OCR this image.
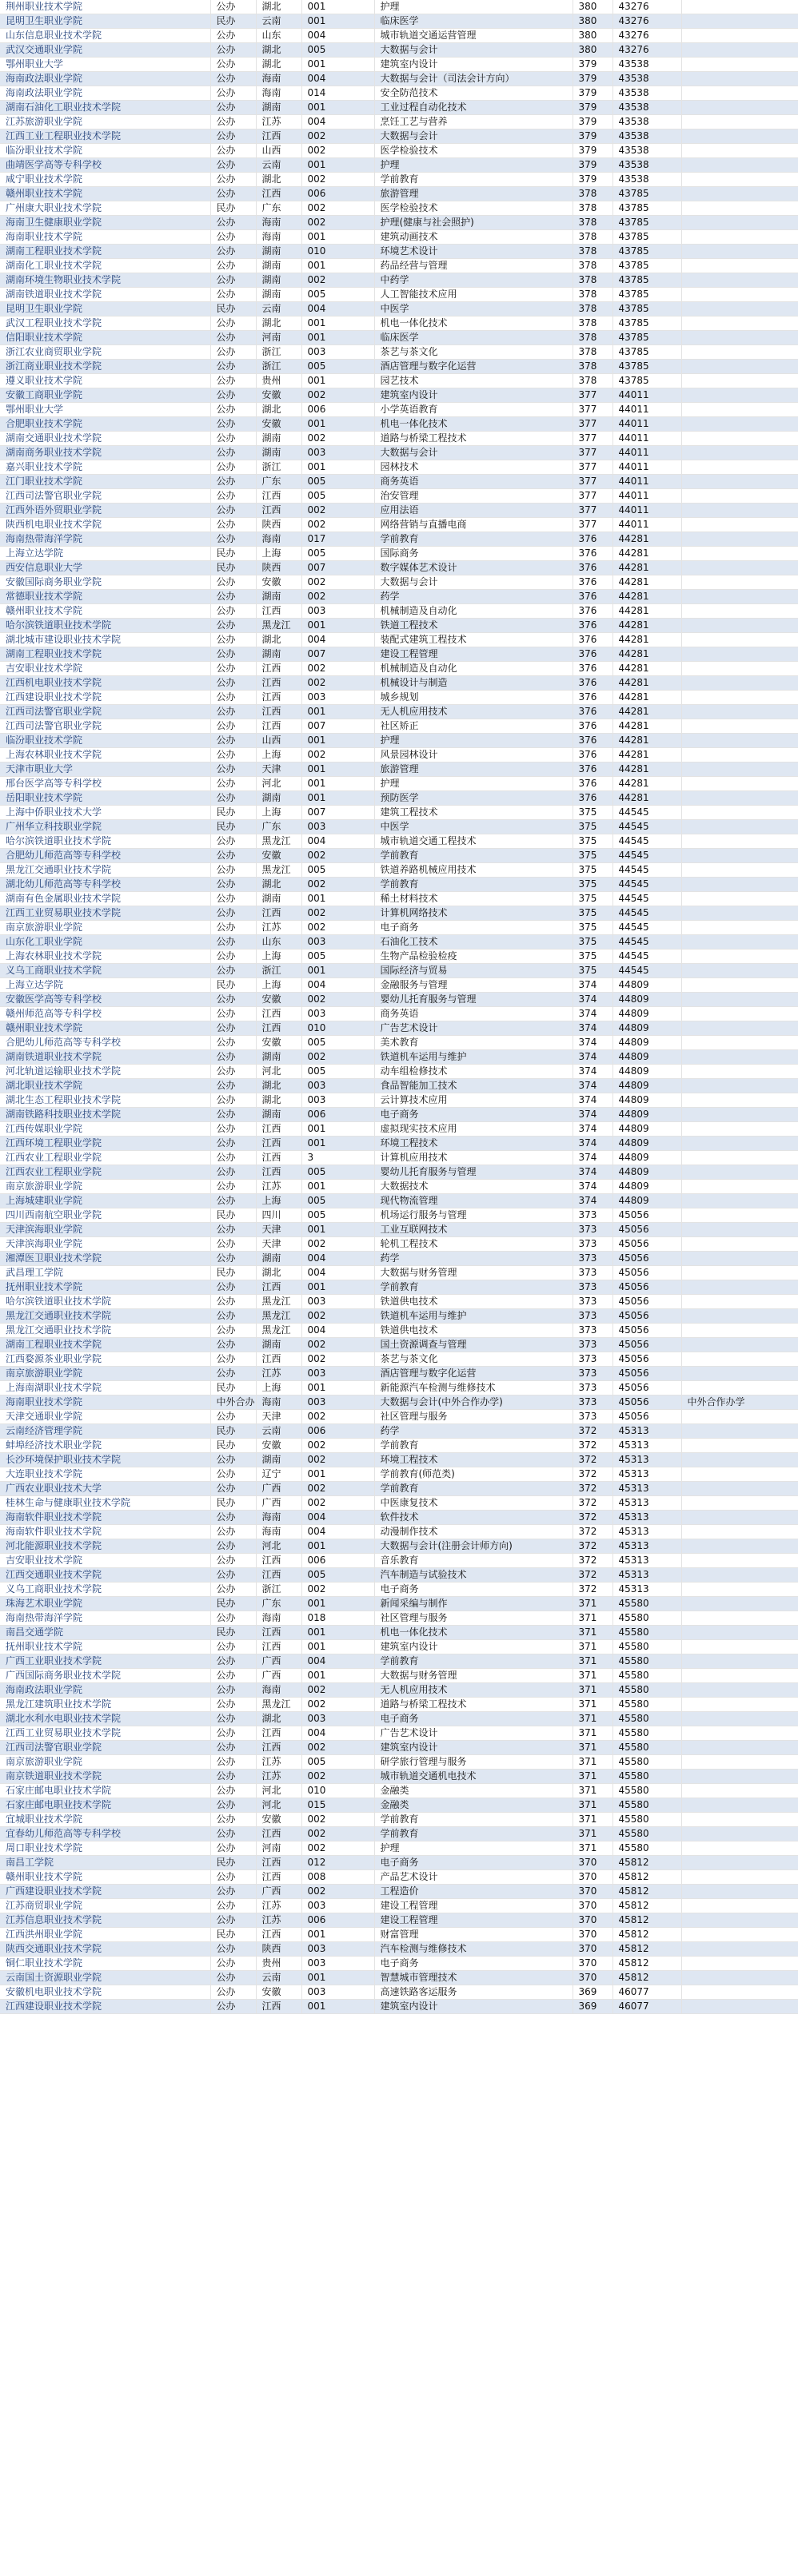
荆州职业技术学院	公办	湖北	001	护理	380	43276	
昆明卫生职业学院	民办	云南	001	临床医学	380	43276	
山东信息职业技术学院	公办	山东	004	城市轨道交通运营管理	380	43276	
武汉交通职业学院	公办	湖北	005	大数据与会计	380	43276	
鄂州职业大学	公办	湖北	001	建筑室内设计	379	43538	
海南政法职业学院	公办	海南	004	大数据与会计（司法会计方向）	379	43538	
海南政法职业学院	公办	海南	014	安全防范技术	379	43538	
湖南石油化工职业技术学院	公办	湖南	001	工业过程自动化技术	379	43538	
江苏旅游职业学院	公办	江苏	004	烹饪工艺与营养	379	43538	
江西工业工程职业技术学院	公办	江西	002	大数据与会计	379	43538	
临汾职业技术学院	公办	山西	002	医学检验技术	379	43538	
曲靖医学高等专科学校	公办	云南	001	护理	379	43538	
咸宁职业技术学院	公办	湖北	002	学前教育	379	43538	
赣州职业技术学院	公办	江西	006	旅游管理	378	43785	
广州康大职业技术学院	民办	广东	002	医学检验技术	378	43785	
海南卫生健康职业学院	公办	海南	002	护理(健康与社会照护)	378	43785	
海南职业技术学院	公办	海南	001	建筑动画技术	378	43785	
湖南工程职业技术学院	公办	湖南	010	环境艺术设计	378	43785	
湖南化工职业技术学院	公办	湖南	001	药品经营与管理	378	43785	
湖南环境生物职业技术学院	公办	湖南	002	中药学	378	43785	
湖南铁道职业技术学院	公办	湖南	005	人工智能技术应用	378	43785	
昆明卫生职业学院	民办	云南	004	中医学	378	43785	
武汉工程职业技术学院	公办	湖北	001	机电一体化技术	378	43785	
信阳职业技术学院	公办	河南	001	临床医学	378	43785	
浙江农业商贸职业学院	公办	浙江	003	茶艺与茶文化	378	43785	
浙江商业职业技术学院	公办	浙江	005	酒店管理与数字化运营	378	43785	
遵义职业技术学院	公办	贵州	001	园艺技术	378	43785	
安徽工商职业学院	公办	安徽	002	建筑室内设计	377	44011	
鄂州职业大学	公办	湖北	006	小学英语教育	377	44011	
合肥职业技术学院	公办	安徽	001	机电一体化技术	377	44011	
湖南交通职业技术学院	公办	湖南	002	道路与桥梁工程技术	377	44011	
湖南商务职业技术学院	公办	湖南	003	大数据与会计	377	44011	
嘉兴职业技术学院	公办	浙江	001	园林技术	377	44011	
江门职业技术学院	公办	广东	005	商务英语	377	44011	
江西司法警官职业学院	公办	江西	005	治安管理	377	44011	
江西外语外贸职业学院	公办	江西	002	应用法语	377	44011	
陕西机电职业技术学院	公办	陕西	002	网络营销与直播电商	377	44011	
海南热带海洋学院	公办	海南	017	学前教育	376	44281	
上海立达学院	民办	上海	005	国际商务	376	44281	
西安信息职业大学	民办	陕西	007	数字媒体艺术设计	376	44281	
安徽国际商务职业学院	公办	安徽	002	大数据与会计	376	44281	
常德职业技术学院	公办	湖南	002	药学	376	44281	
赣州职业技术学院	公办	江西	003	机械制造及自动化	376	44281	
哈尔滨铁道职业技术学院	公办	黑龙江	001	铁道工程技术	376	44281	
湖北城市建设职业技术学院	公办	湖北	004	装配式建筑工程技术	376	44281	
湖南工程职业技术学院	公办	湖南	007	建设工程管理	376	44281	
吉安职业技术学院	公办	江西	002	机械制造及自动化	376	44281	
江西机电职业技术学院	公办	江西	002	机械设计与制造	376	44281	
江西建设职业技术学院	公办	江西	003	城乡规划	376	44281	
江西司法警官职业学院	公办	江西	001	无人机应用技术	376	44281	
江西司法警官职业学院	公办	江西	007	社区矫正	376	44281	
临汾职业技术学院	公办	山西	001	护理	376	44281	
上海农林职业技术学院	公办	上海	002	风景园林设计	376	44281	
天津市职业大学	公办	天津	001	旅游管理	376	44281	
邢台医学高等专科学校	公办	河北	001	护理	376	44281	
岳阳职业技术学院	公办	湖南	001	预防医学	376	44281	
上海中侨职业技术大学	民办	上海	007	建筑工程技术	375	44545	
广州华立科技职业学院	民办	广东	003	中医学	375	44545	
哈尔滨铁道职业技术学院	公办	黑龙江	004	城市轨道交通工程技术	375	44545	
合肥幼儿师范高等专科学校	公办	安徽	002	学前教育	375	44545	
黑龙江交通职业技术学院	公办	黑龙江	005	铁道养路机械应用技术	375	44545	
湖北幼儿师范高等专科学校	公办	湖北	002	学前教育	375	44545	
湖南有色金属职业技术学院	公办	湖南	001	稀土材料技术	375	44545	
江西工业贸易职业技术学院	公办	江西	002	计算机网络技术	375	44545	
南京旅游职业学院	公办	江苏	002	电子商务	375	44545	
山东化工职业学院	公办	山东	003	石油化工技术	375	44545	
上海农林职业技术学院	公办	上海	005	生物产品检验检疫	375	44545	
义乌工商职业技术学院	公办	浙江	001	国际经济与贸易	375	44545	
上海立达学院	民办	上海	004	金融服务与管理	374	44809	
安徽医学高等专科学校	公办	安徽	002	婴幼儿托育服务与管理	374	44809	
赣州师范高等专科学校	公办	江西	003	商务英语	374	44809	
赣州职业技术学院	公办	江西	010	广告艺术设计	374	44809	
合肥幼儿师范高等专科学校	公办	安徽	005	美术教育	374	44809	
湖南铁道职业技术学院	公办	湖南	002	铁道机车运用与维护	374	44809	
河北轨道运输职业技术学院	公办	河北	005	动车组检修技术	374	44809	
湖北职业技术学院	公办	湖北	003	食品智能加工技术	374	44809	
湖北生态工程职业技术学院	公办	湖北	003	云计算技术应用	374	44809	
湖南铁路科技职业技术学院	公办	湖南	006	电子商务	374	44809	
江西传媒职业学院	公办	江西	001	虚拟现实技术应用	374	44809	
江西环境工程职业学院	公办	江西	001	环境工程技术	374	44809	
江西农业工程职业学院	公办	江西	3	计算机应用技术	374	44809	
江西农业工程职业学院	公办	江西	005	婴幼儿托育服务与管理	374	44809	
南京旅游职业学院	公办	江苏	001	大数据技术	374	44809	
上海城建职业学院	公办	上海	005	现代物流管理	374	44809	
四川西南航空职业学院	民办	四川	005	机场运行服务与管理	373	45056	
天津滨海职业学院	公办	天津	001	工业互联网技术	373	45056	
天津滨海职业学院	公办	天津	002	轮机工程技术	373	45056	
湘潭医卫职业技术学院	公办	湖南	004	药学	373	45056	
武昌理工学院	民办	湖北	004	大数据与财务管理	373	45056	
抚州职业技术学院	公办	江西	001	学前教育	373	45056	
哈尔滨铁道职业技术学院	公办	黑龙江	003	铁道供电技术	373	45056	
黑龙江交通职业技术学院	公办	黑龙江	002	铁道机车运用与维护	373	45056	
黑龙江交通职业技术学院	公办	黑龙江	004	铁道供电技术	373	45056	
湖南工程职业技术学院	公办	湖南	002	国土资源调查与管理	373	45056	
江西婺源茶业职业学院	公办	江西	002	茶艺与茶文化	373	45056	
南京旅游职业学院	公办	江苏	003	酒店管理与数字化运营	373	45056	
上海南湖职业技术学院	民办	上海	001	新能源汽车检测与维修技术	373	45056	
海南职业技术学院	中外合办	海南	003	大数据与会计(中外合作办学)	373	45056	中外合作办学
天津交通职业学院	公办	天津	002	社区管理与服务	373	45056	
云南经济管理学院	民办	云南	006	药学	372	45313	
蚌埠经济技术职业学院	民办	安徽	002	学前教育	372	45313	
长沙环境保护职业技术学院	公办	湖南	002	环境工程技术	372	45313	
大连职业技术学院	公办	辽宁	001	学前教育(师范类)	372	45313	
广西农业职业技术大学	公办	广西	002	学前教育	372	45313	
桂林生命与健康职业技术学院	民办	广西	002	中医康复技术	372	45313	
海南软件职业技术学院	公办	海南	004	软件技术	372	45313	
海南软件职业技术学院	公办	海南	004	动漫制作技术	372	45313	
河北能源职业技术学院	公办	河北	001	大数据与会计(注册会计师方向)	372	45313	
吉安职业技术学院	公办	江西	006	音乐教育	372	45313	
江西交通职业技术学院	公办	江西	005	汽车制造与试验技术	372	45313	
义乌工商职业技术学院	公办	浙江	002	电子商务	372	45313	
珠海艺术职业学院	民办	广东	001	新闻采编与制作	371	45580	
海南热带海洋学院	公办	海南	018	社区管理与服务	371	45580	
南昌交通学院	民办	江西	001	机电一体化技术	371	45580	
抚州职业技术学院	公办	江西	001	建筑室内设计	371	45580	
广西工业职业技术学院	公办	广西	004	学前教育	371	45580	
广西国际商务职业技术学院	公办	广西	001	大数据与财务管理	371	45580	
海南政法职业学院	公办	海南	002	无人机应用技术	371	45580	
黑龙江建筑职业技术学院	公办	黑龙江	002	道路与桥梁工程技术	371	45580	
湖北水利水电职业技术学院	公办	湖北	003	电子商务	371	45580	
江西工业贸易职业技术学院	公办	江西	004	广告艺术设计	371	45580	
江西司法警官职业学院	公办	江西	002	建筑室内设计	371	45580	
南京旅游职业学院	公办	江苏	005	研学旅行管理与服务	371	45580	
南京铁道职业技术学院	公办	江苏	002	城市轨道交通机电技术	371	45580	
石家庄邮电职业技术学院	公办	河北	010	金融类	371	45580	
石家庄邮电职业技术学院	公办	河北	015	金融类	371	45580	
宜城职业技术学院	公办	安徽	002	学前教育	371	45580	
宜春幼儿师范高等专科学校	公办	江西	002	学前教育	371	45580	
周口职业技术学院	公办	河南	002	护理	371	45580	
南昌工学院	民办	江西	012	电子商务	370	45812	
赣州职业技术学院	公办	江西	008	产品艺术设计	370	45812	
广西建设职业技术学院	公办	广西	002	工程造价	370	45812	
江苏商贸职业学院	公办	江苏	003	建设工程管理	370	45812	
江苏信息职业技术学院	公办	江苏	006	建设工程管理	370	45812	
江西洪州职业学院	民办	江西	001	财富管理	370	45812	
陕西交通职业技术学院	公办	陕西	003	汽车检测与维修技术	370	45812	
铜仁职业技术学院	公办	贵州	003	电子商务	370	45812	
云南国土资源职业学院	公办	云南	001	智慧城市管理技术	370	45812	
安徽机电职业技术学院	公办	安徽	003	高速铁路客运服务	369	46077	
江西建设职业技术学院	公办	江西	001	建筑室内设计	369	46077	
